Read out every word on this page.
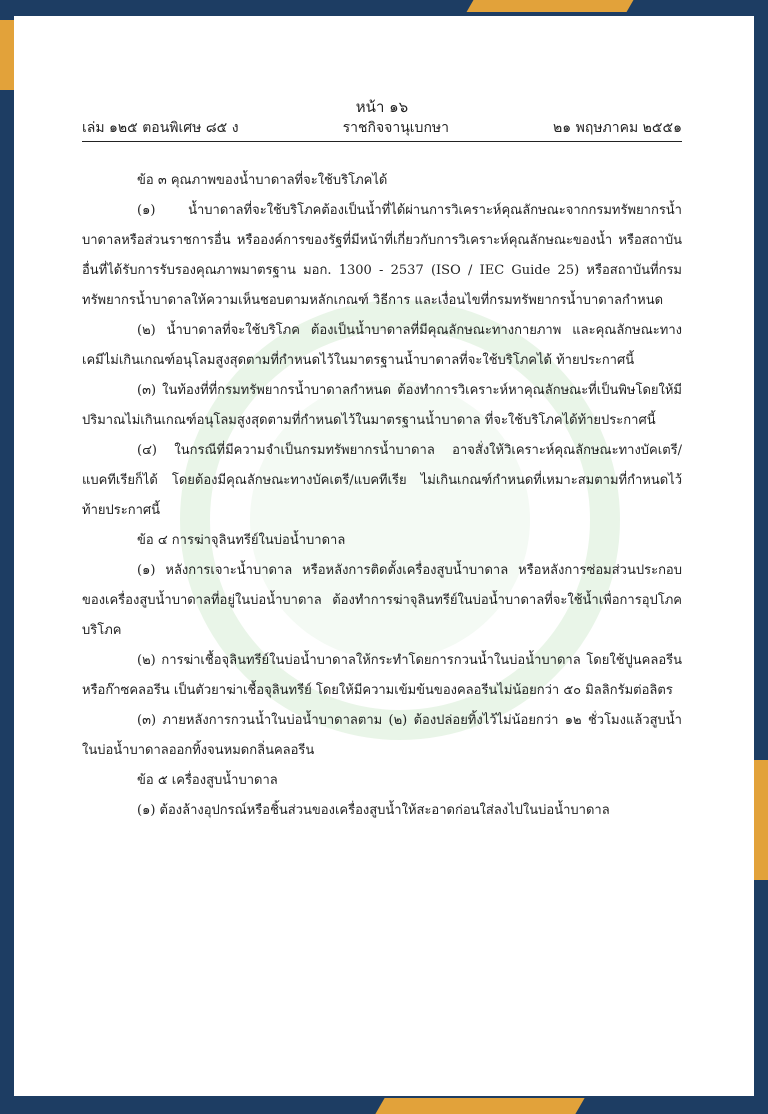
หน้า ๑๖
เล่ม ๑๒๕ ตอนพิเศษ ๘๕ ง	ราชกิจจานุเบกษา	๒๑ พฤษภาคม ๒๕๕๑

ข้อ ๓ คุณภาพของน้ำบาดาลที่จะใช้บริโภคได้

(๑) น้ำบาดาลที่จะใช้บริโภคต้องเป็นน้ำที่ได้ผ่านการวิเคราะห์คุณลักษณะจากกรมทรัพยากรน้ำบาดาลหรือส่วนราชการอื่น หรือองค์การของรัฐที่มีหน้าที่เกี่ยวกับการวิเคราะห์คุณลักษณะของน้ำ หรือสถาบันอื่นที่ได้รับการรับรองคุณภาพมาตรฐาน มอก. 1300 - 2537 (ISO / IEC Guide 25) หรือสถาบันที่กรมทรัพยากรน้ำบาดาลให้ความเห็นชอบตามหลักเกณฑ์ วิธีการ และเงื่อนไขที่กรมทรัพยากรน้ำบาดาลกำหนด

(๒) น้ำบาดาลที่จะใช้บริโภค ต้องเป็นน้ำบาดาลที่มีคุณลักษณะทางกายภาพ และคุณลักษณะทางเคมีไม่เกินเกณฑ์อนุโลมสูงสุดตามที่กำหนดไว้ในมาตรฐานน้ำบาดาลที่จะใช้บริโภคได้ ท้ายประกาศนี้

(๓) ในท้องที่ที่กรมทรัพยากรน้ำบาดาลกำหนด ต้องทำการวิเคราะห์หาคุณลักษณะที่เป็นพิษโดยให้มีปริมาณไม่เกินเกณฑ์อนุโลมสูงสุดตามที่กำหนดไว้ในมาตรฐานน้ำบาดาล ที่จะใช้บริโภคได้ท้ายประกาศนี้

(๔) ในกรณีที่มีความจำเป็นกรมทรัพยากรน้ำบาดาล อาจสั่งให้วิเคราะห์คุณลักษณะทางบัคเตรี/แบคทีเรียก็ได้ โดยต้องมีคุณลักษณะทางบัคเตรี/แบคทีเรีย ไม่เกินเกณฑ์กำหนดที่เหมาะสมตามที่กำหนดไว้ท้ายประกาศนี้

ข้อ ๔ การฆ่าจุลินทรีย์ในบ่อน้ำบาดาล

(๑) หลังการเจาะน้ำบาดาล หรือหลังการติดตั้งเครื่องสูบน้ำบาดาล หรือหลังการซ่อมส่วนประกอบของเครื่องสูบน้ำบาดาลที่อยู่ในบ่อน้ำบาดาล ต้องทำการฆ่าจุลินทรีย์ในบ่อน้ำบาดาลที่จะใช้น้ำเพื่อการอุปโภคบริโภค

(๒) การฆ่าเชื้อจุลินทรีย์ในบ่อน้ำบาดาลให้กระทำโดยการกวนน้ำในบ่อน้ำบาดาล โดยใช้ปูนคลอรีน หรือก๊าซคลอรีน เป็นตัวยาฆ่าเชื้อจุลินทรีย์ โดยให้มีความเข้มข้นของคลอรีนไม่น้อยกว่า ๕๐ มิลลิกรัมต่อลิตร

(๓) ภายหลังการกวนน้ำในบ่อน้ำบาดาลตาม (๒) ต้องปล่อยทิ้งไว้ไม่น้อยกว่า ๑๒ ชั่วโมงแล้วสูบน้ำในบ่อน้ำบาดาลออกทิ้งจนหมดกลิ่นคลอรีน

ข้อ ๕ เครื่องสูบน้ำบาดาล

(๑) ต้องล้างอุปกรณ์หรือชิ้นส่วนของเครื่องสูบน้ำให้สะอาดก่อนใส่ลงไปในบ่อน้ำบาดาล
